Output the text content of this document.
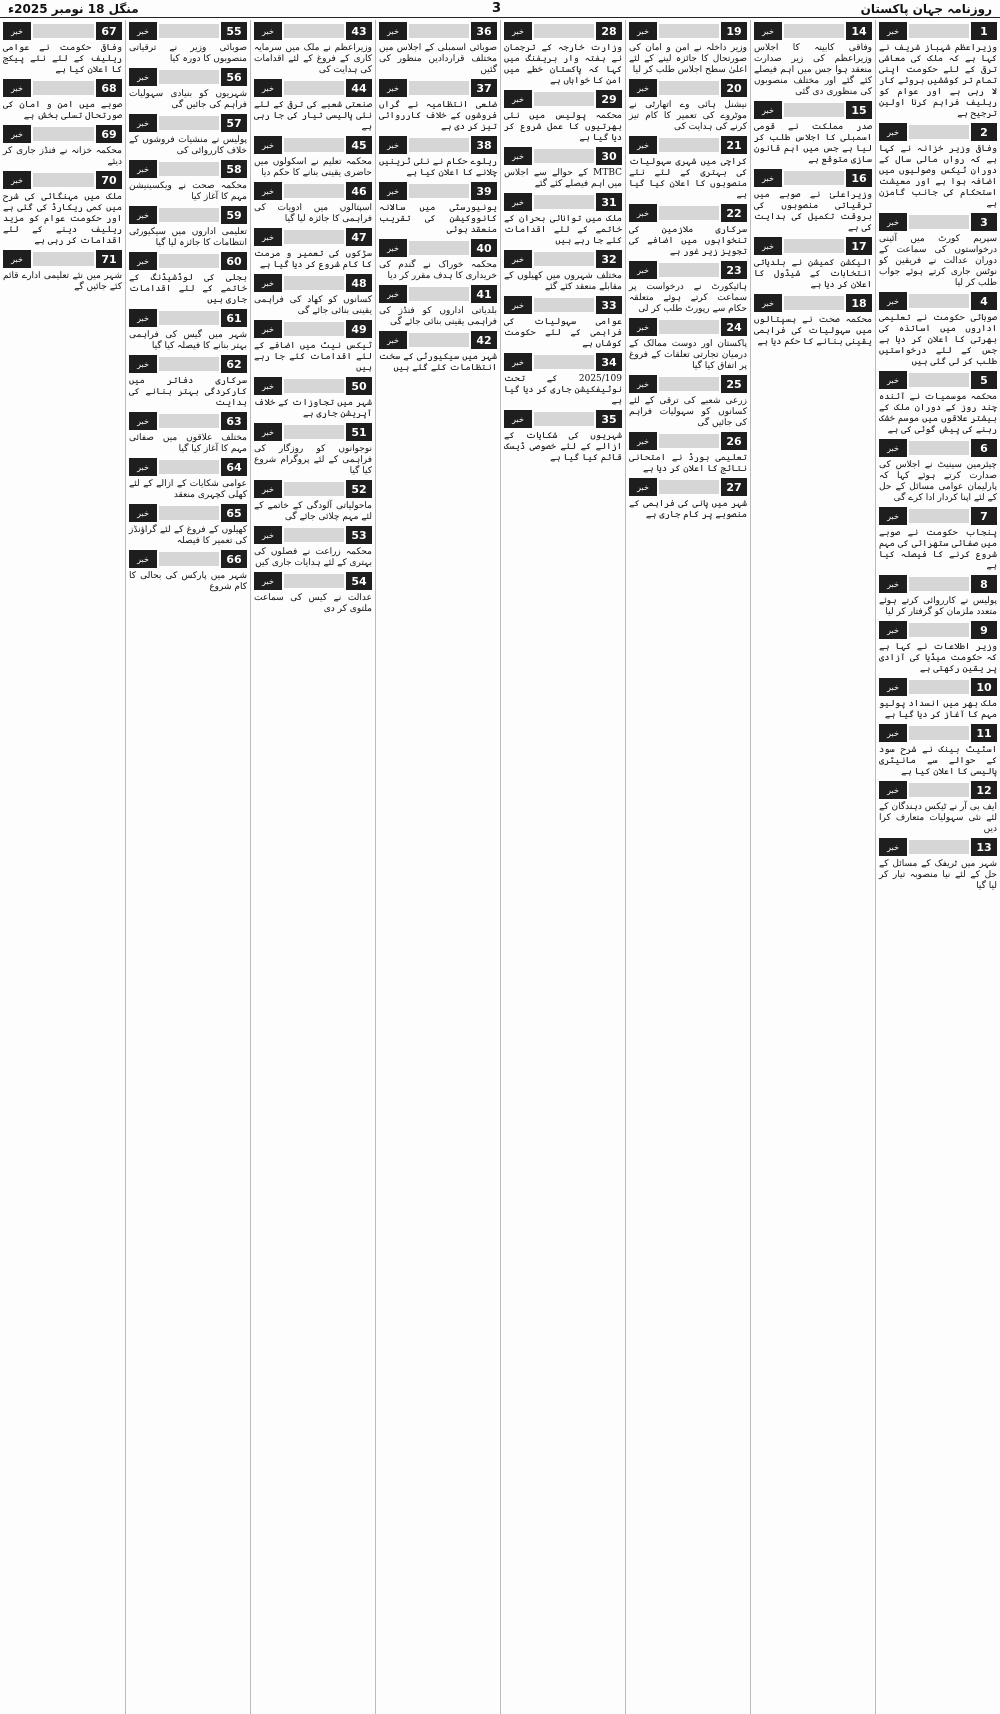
منگل 18 نومبر 2025ء	روزنامہ جہان پاکستان
3
1
خبر
وزیراعظم شہباز شریف نے کہا ہے کہ ملک کی معاشی ترقی کے لئے حکومت اپنی تمام تر کوششیں بروئے کار لا رہی ہے اور عوام کو ریلیف فراہم کرنا اولین ترجیح ہے
2
خبر
وفاقی وزیر خزانہ نے کہا ہے کہ رواں مالی سال کے دوران ٹیکس وصولیوں میں اضافہ ہوا ہے اور معیشت استحکام کی جانب گامزن ہے
3
خبر
سپریم کورٹ میں آئینی درخواستوں کی سماعت کے دوران عدالت نے فریقین کو نوٹس جاری کرتے ہوئے جواب طلب کر لیا
4
خبر
صوبائی حکومت نے تعلیمی اداروں میں اساتذہ کی بھرتی کا اعلان کر دیا ہے جس کے لئے درخواستیں طلب کر لی گئی ہیں
5
خبر
محکمہ موسمیات نے آئندہ چند روز کے دوران ملک کے بیشتر علاقوں میں موسم خشک رہنے کی پیش گوئی کی ہے
6
خبر
چیئرمین سینیٹ نے اجلاس کی صدارت کرتے ہوئے کہا کہ پارلیمان عوامی مسائل کے حل کے لئے اپنا کردار ادا کرے گی
7
خبر
پنجاب حکومت نے صوبے میں صفائی ستھرائی کی مہم شروع کرنے کا فیصلہ کیا ہے
8
خبر
پولیس نے کارروائی کرتے ہوئے متعدد ملزمان کو گرفتار کر لیا
9
خبر
وزیر اطلاعات نے کہا ہے کہ حکومت میڈیا کی آزادی پر یقین رکھتی ہے
10
خبر
ملک بھر میں انسداد پولیو مہم کا آغاز کر دیا گیا ہے
11
خبر
اسٹیٹ بینک نے شرح سود کے حوالے سے مانیٹری پالیسی کا اعلان کیا ہے
12
خبر
ایف بی آر نے ٹیکس دہندگان کے لئے نئی سہولیات متعارف کرا دیں
13
خبر
شہر میں ٹریفک کے مسائل کے حل کے لئے نیا منصوبہ تیار کر لیا گیا
14
خبر
وفاقی کابینہ کا اجلاس وزیراعظم کی زیر صدارت منعقد ہوا جس میں اہم فیصلے کئے گئے اور مختلف منصوبوں کی منظوری دی گئی
15
خبر
صدر مملکت نے قومی اسمبلی کا اجلاس طلب کر لیا ہے جس میں اہم قانون سازی متوقع ہے
16
خبر
وزیراعلیٰ نے صوبے میں ترقیاتی منصوبوں کی بروقت تکمیل کی ہدایت کی ہے
17
خبر
الیکشن کمیشن نے بلدیاتی انتخابات کے شیڈول کا اعلان کر دیا ہے
18
خبر
محکمہ صحت نے ہسپتالوں میں سہولیات کی فراہمی یقینی بنانے کا حکم دیا ہے
19
خبر
وزیر داخلہ نے امن و امان کی صورتحال کا جائزہ لینے کے لئے اعلیٰ سطح اجلاس طلب کر لیا
20
خبر
نیشنل ہائی وے اتھارٹی نے موٹروے کی تعمیر کا کام تیز کرنے کی ہدایت کی
21
خبر
کراچی میں شہری سہولیات کی بہتری کے لئے نئے منصوبوں کا اعلان کیا گیا ہے
22
خبر
سرکاری ملازمین کی تنخواہوں میں اضافے کی تجویز زیر غور ہے
23
خبر
ہائیکورٹ نے درخواست پر سماعت کرتے ہوئے متعلقہ حکام سے رپورٹ طلب کر لی
24
خبر
پاکستان اور دوست ممالک کے درمیان تجارتی تعلقات کے فروغ پر اتفاق کیا گیا
25
خبر
زرعی شعبے کی ترقی کے لئے کسانوں کو سہولیات فراہم کی جائیں گی
26
خبر
تعلیمی بورڈ نے امتحانی نتائج کا اعلان کر دیا ہے
27
خبر
شہر میں پانی کی فراہمی کے منصوبے پر کام جاری ہے
28
خبر
وزارت خارجہ کے ترجمان نے ہفتہ وار بریفنگ میں کہا کہ پاکستان خطے میں امن کا خواہاں ہے
29
خبر
محکمہ پولیس میں نئی بھرتیوں کا عمل شروع کر دیا گیا ہے
30
خبر
MTBC کے حوالے سے اجلاس میں اہم فیصلے کئے گئے
31
خبر
ملک میں توانائی بحران کے خاتمے کے لئے اقدامات کئے جا رہے ہیں
32
خبر
مختلف شہروں میں کھیلوں کے مقابلے منعقد کئے گئے
33
خبر
عوامی سہولیات کی فراہمی کے لئے حکومت کوشاں ہے
34
خبر
2025/109 کے تحت نوٹیفکیشن جاری کر دیا گیا ہے
35
خبر
شہریوں کی شکایات کے ازالے کے لئے خصوصی ڈیسک قائم کیا گیا ہے
36
خبر
صوبائی اسمبلی کے اجلاس میں مختلف قراردادیں منظور کی گئیں
37
خبر
ضلعی انتظامیہ نے گراں فروشوں کے خلاف کارروائی تیز کر دی ہے
38
خبر
ریلوے حکام نے نئی ٹرینیں چلانے کا اعلان کیا ہے
39
خبر
یونیورسٹی میں سالانہ کانووکیشن کی تقریب منعقد ہوئی
40
خبر
محکمہ خوراک نے گندم کی خریداری کا ہدف مقرر کر دیا
41
خبر
بلدیاتی اداروں کو فنڈز کی فراہمی یقینی بنائی جائے گی
42
خبر
شہر میں سیکیورٹی کے سخت انتظامات کئے گئے ہیں
43
خبر
وزیراعظم نے ملک میں سرمایہ کاری کے فروغ کے لئے اقدامات کی ہدایت کی
44
خبر
صنعتی شعبے کی ترقی کے لئے نئی پالیسی تیار کی جا رہی ہے
45
خبر
محکمہ تعلیم نے اسکولوں میں حاضری یقینی بنانے کا حکم دیا
46
خبر
اسپتالوں میں ادویات کی فراہمی کا جائزہ لیا گیا
47
خبر
سڑکوں کی تعمیر و مرمت کا کام شروع کر دیا گیا ہے
48
خبر
کسانوں کو کھاد کی فراہمی یقینی بنائی جائے گی
49
خبر
ٹیکس نیٹ میں اضافے کے لئے اقدامات کئے جا رہے ہیں
50
خبر
شہر میں تجاوزات کے خلاف آپریشن جاری ہے
51
خبر
نوجوانوں کو روزگار کی فراہمی کے لئے پروگرام شروع کیا گیا
52
خبر
ماحولیاتی آلودگی کے خاتمے کے لئے مہم چلائی جائے گی
53
خبر
محکمہ زراعت نے فصلوں کی بہتری کے لئے ہدایات جاری کیں
54
خبر
عدالت نے کیس کی سماعت ملتوی کر دی
55
خبر
صوبائی وزیر نے ترقیاتی منصوبوں کا دورہ کیا
56
خبر
شہریوں کو بنیادی سہولیات فراہم کی جائیں گی
57
خبر
پولیس نے منشیات فروشوں کے خلاف کارروائی کی
58
خبر
محکمہ صحت نے ویکسینیشن مہم کا آغاز کیا
59
خبر
تعلیمی اداروں میں سیکیورٹی انتظامات کا جائزہ لیا گیا
60
خبر
بجلی کی لوڈشیڈنگ کے خاتمے کے لئے اقدامات جاری ہیں
61
خبر
شہر میں گیس کی فراہمی بہتر بنانے کا فیصلہ کیا گیا
62
خبر
سرکاری دفاتر میں کارکردگی بہتر بنانے کی ہدایت
63
خبر
مختلف علاقوں میں صفائی مہم کا آغاز کیا گیا
64
خبر
عوامی شکایات کے ازالے کے لئے کھلی کچہری منعقد
65
خبر
کھیلوں کے فروغ کے لئے گراؤنڈز کی تعمیر کا فیصلہ
66
خبر
شہر میں پارکس کی بحالی کا کام شروع
67
خبر
وفاقی حکومت نے عوامی ریلیف کے لئے نئے پیکج کا اعلان کیا ہے
68
خبر
صوبے میں امن و امان کی صورتحال تسلی بخش ہے
69
خبر
محکمہ خزانہ نے فنڈز جاری کر دیئے
70
خبر
ملک میں مہنگائی کی شرح میں کمی ریکارڈ کی گئی ہے اور حکومت عوام کو مزید ریلیف دینے کے لئے اقدامات کر رہی ہے
71
خبر
شہر میں نئے تعلیمی ادارے قائم کئے جائیں گے
